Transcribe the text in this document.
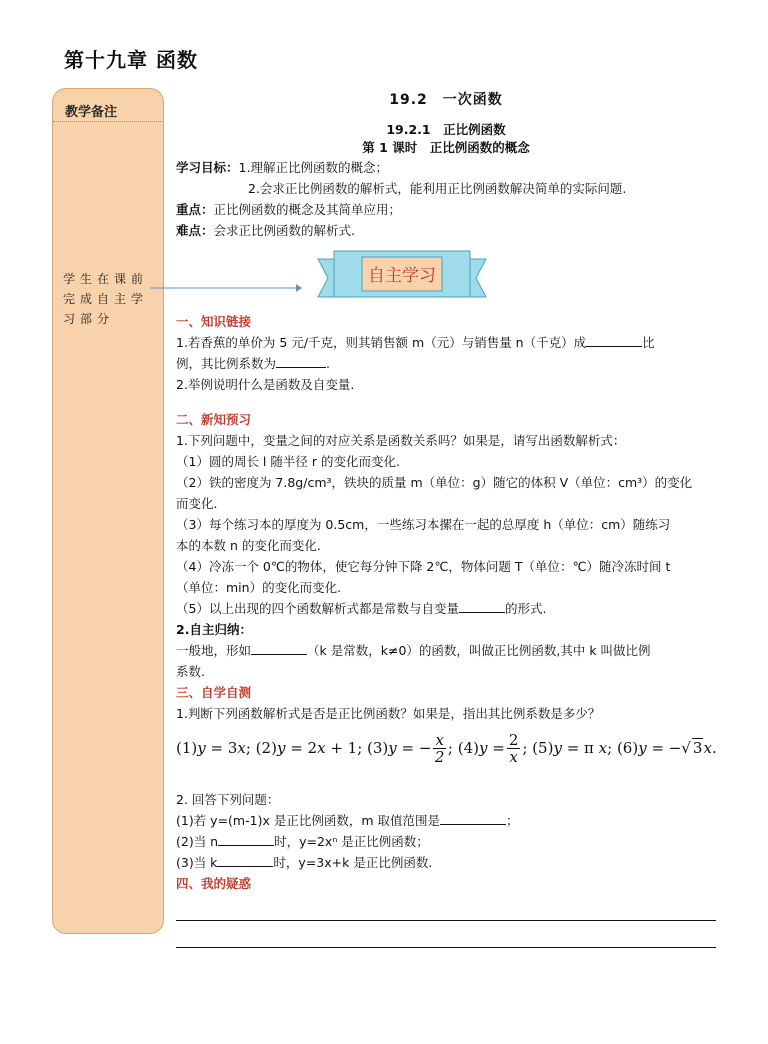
第十九章 函数
教学备注
学生在课前完成自主学习部分
19.2　一次函数
19.2.1　正比例函数
第 1 课时　正比例函数的概念
学习目标：1.理解正比例函数的概念；
2.会求正比例函数的解析式，能利用正比例函数解决简单的实际问题.
重点：正比例函数的概念及其简单应用；
难点：会求正比例函数的解析式.
自主学习
一、知识链接
1.若香蕉的单价为 5 元/千克，则其销售额 m（元）与销售量 n（千克）成	比
例，其比例系数为	.
2.举例说明什么是函数及自变量.
二、新知预习
1.下列问题中，变量之间的对应关系是函数关系吗？如果是，请写出函数解析式：
（1）圆的周长 l 随半径 r 的变化而变化.
（2）铁的密度为 7.8g/cm³，铁块的质量 m（单位：g）随它的体积 V（单位：cm³）的变化
而变化.
（3）每个练习本的厚度为 0.5cm，一些练习本摞在一起的总厚度 h（单位：cm）随练习
本的本数 n 的变化而变化.
（4）冷冻一个 0℃的物体，使它每分钟下降 2℃，物体问题 T（单位：℃）随冷冻时间 t
（单位：min）的变化而变化.
（5）以上出现的四个函数解析式都是常数与自变量	的形式.
2.自主归纳：
一般地，形如	（k 是常数，k≠0）的函数，叫做正比例函数,其中 k 叫做比例
系数.
三、自学自测
1.判断下列函数解析式是否是正比例函数？如果是，指出其比例系数是多少？
(1)y = 3x; (2)y = 2x + 1; (3)y = − $\frac{x}{2}$ ; $(4)y = \frac{2}{x}$ ; (5)y = π x; (6)y = −√ 3x.
2. 回答下列问题：
(1)若 y=(m-1)x 是正比例函数，m 取值范围是	；
(2)当 n	时，y=2xⁿ 是正比例函数；
(3)当 k	时，y=3x+k 是正比例函数.
四、我的疑惑
